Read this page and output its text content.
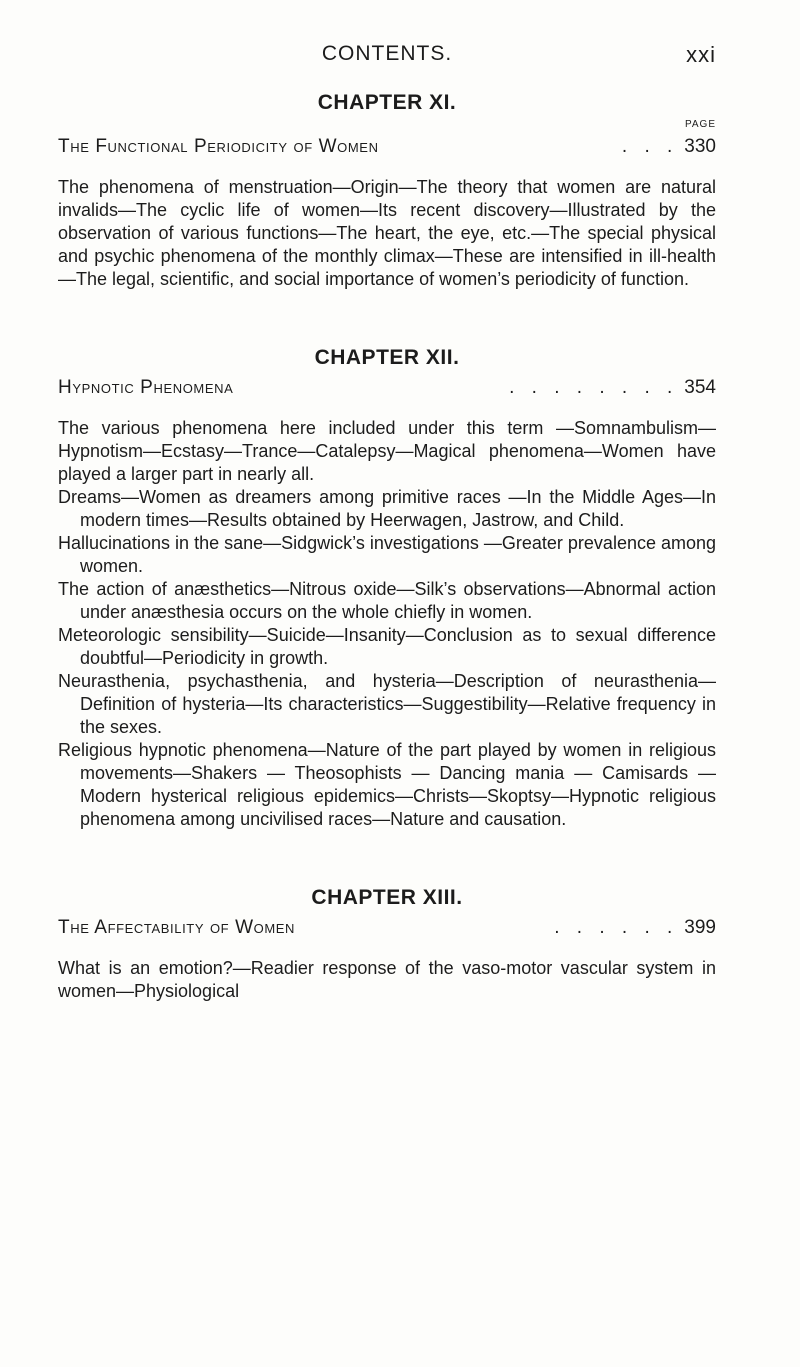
CONTENTS.	xxi
CHAPTER XI.
PAGE
The Functional Periodicity of Women	. . . 330

The phenomena of menstruation—Origin—The theory that women are natural invalids—The cyclic life of women—Its recent discovery—Illustrated by the observation of various functions—The heart, the eye, etc.—The special physical and psychic phenomena of the monthly climax—These are intensified in ill-health—The legal, scientific, and social importance of women’s periodicity of function.

CHAPTER XII.
Hypnotic Phenomena	. . . . . . . . 354

The various phenomena here included under this term —Somnambulism—Hypnotism—Ecstasy—Trance—Catalepsy—Magical phenomena—Women have played a larger part in nearly all.

Dreams—Women as dreamers among primitive races —In the Middle Ages—In modern times—Results obtained by Heerwagen, Jastrow, and Child.

Hallucinations in the sane—Sidgwick’s investigations —Greater prevalence among women.

The action of anæsthetics—Nitrous oxide—Silk’s observations—Abnormal action under anæsthesia occurs on the whole chiefly in women.

Meteorologic sensibility—Suicide—Insanity—Conclusion as to sexual difference doubtful—Periodicity in growth.

Neurasthenia, psychasthenia, and hysteria—Description of neurasthenia—Definition of hysteria—Its characteristics—Suggestibility—Relative frequency in the sexes.

Religious hypnotic phenomena—Nature of the part played by women in religious movements—Shakers — Theosophists — Dancing mania — Camisards — Modern hysterical religious epidemics—Christs—Skoptsy—Hypnotic religious phenomena among uncivilised races—Nature and causation.

CHAPTER XIII.
The Affectability of Women	. . . . . . 399

What is an emotion?—Readier response of the vaso-motor vascular system in women—Physiological
